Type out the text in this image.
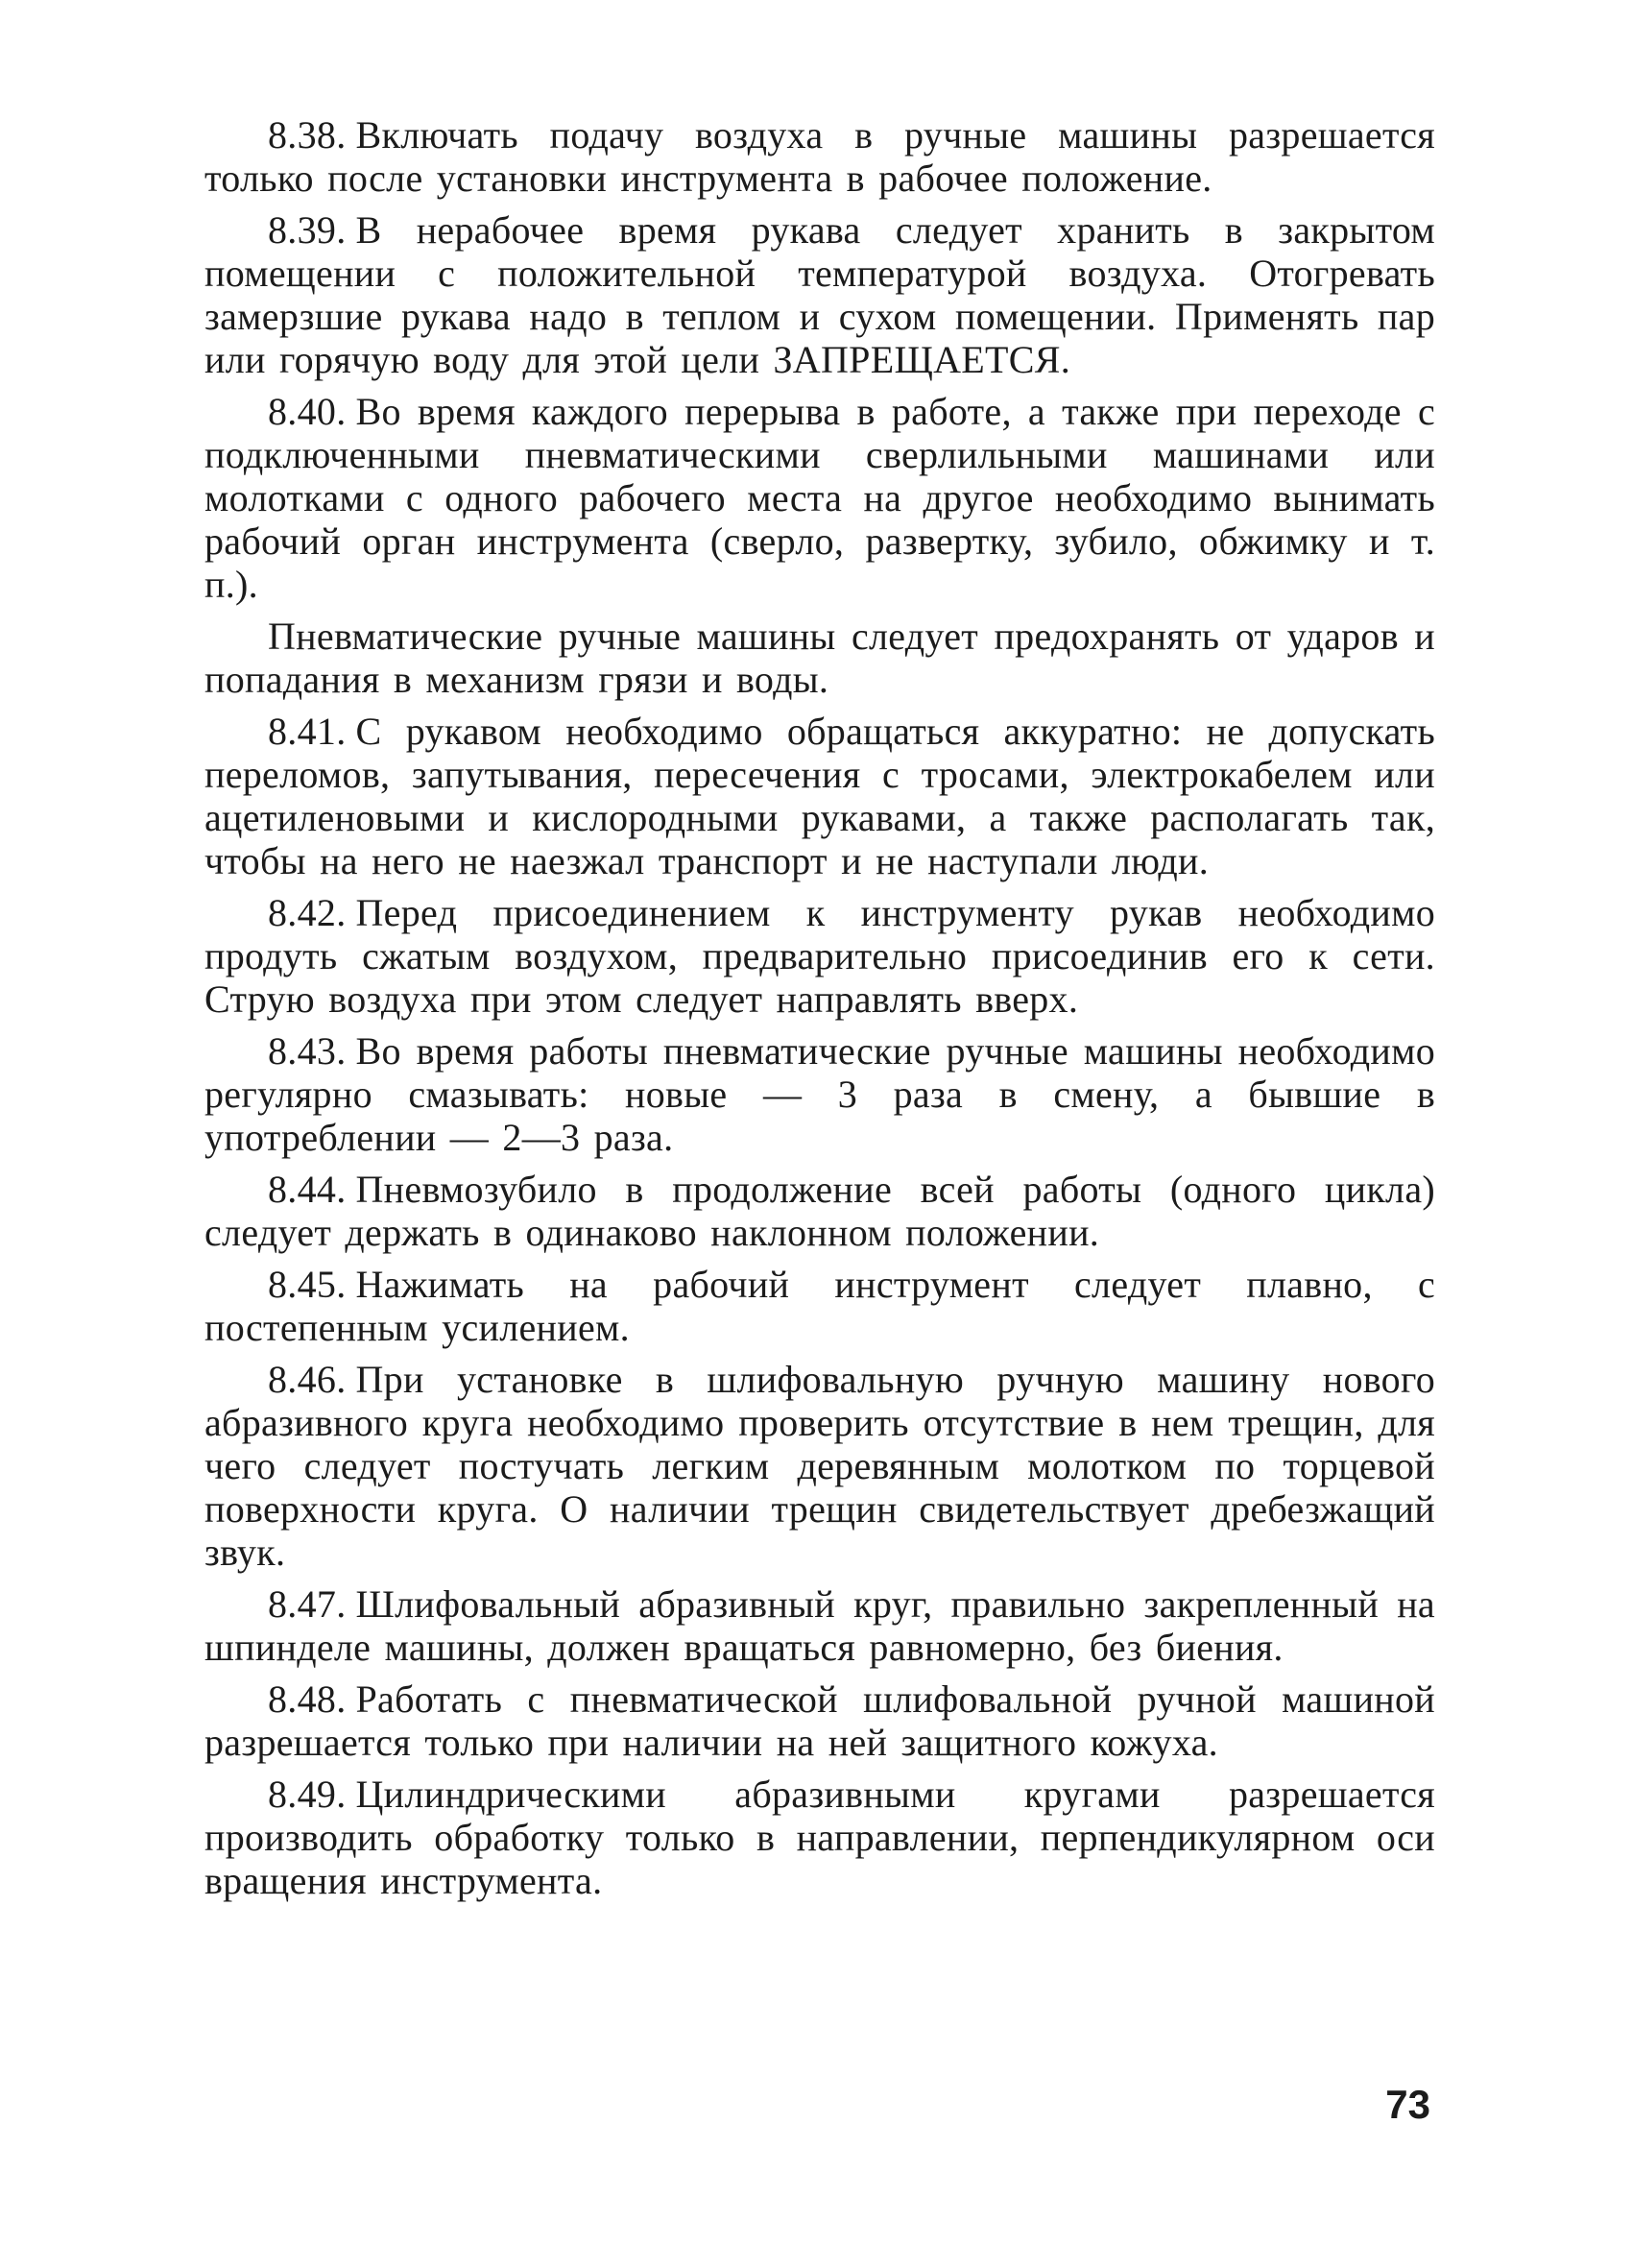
8.38. Включать подачу воздуха в ручные машины разрешается только после установки инструмента в рабочее положение.

8.39. В нерабочее время рукава следует хранить в закрытом помещении с положительной температурой воздуха. Отогревать замерзшие рукава надо в теплом и сухом помещении. Применять пар или горячую воду для этой цели ЗАПРЕЩАЕТСЯ.

8.40. Во время каждого перерыва в работе, а также при переходе с подключенными пневматическими сверлильными машинами или молотками с одного рабочего места на другое необходимо вынимать рабочий орган инструмента (сверло, развертку, зубило, обжимку и т. п.).

Пневматические ручные машины следует предохранять от ударов и попадания в механизм грязи и воды.

8.41. С рукавом необходимо обращаться аккуратно: не допускать переломов, запутывания, пересечения с тросами, электрокабелем или ацетиленовыми и кислородными рукавами, а также располагать так, чтобы на него не наезжал транспорт и не наступали люди.

8.42. Перед присоединением к инструменту рукав необходимо продуть сжатым воздухом, предварительно присоединив его к сети. Струю воздуха при этом следует направлять вверх.

8.43. Во время работы пневматические ручные машины необходимо регулярно смазывать: новые — 3 раза в смену, а бывшие в употреблении — 2—3 раза.

8.44. Пневмозубило в продолжение всей работы (одного цикла) следует держать в одинаково наклонном положении.

8.45. Нажимать на рабочий инструмент следует плавно, с постепенным усилением.

8.46. При установке в шлифовальную ручную машину нового абразивного круга необходимо проверить отсутствие в нем трещин, для чего следует постучать легким деревянным молотком по торцевой поверхности круга. О наличии трещин свидетельствует дребезжащий звук.

8.47. Шлифовальный абразивный круг, правильно закрепленный на шпинделе машины, должен вращаться равномерно, без биения.

8.48. Работать с пневматической шлифовальной ручной машиной разрешается только при наличии на ней защитного кожуха.

8.49. Цилиндрическими абразивными кругами разрешается производить обработку только в направлении, перпендикулярном оси вращения инструмента.

73
